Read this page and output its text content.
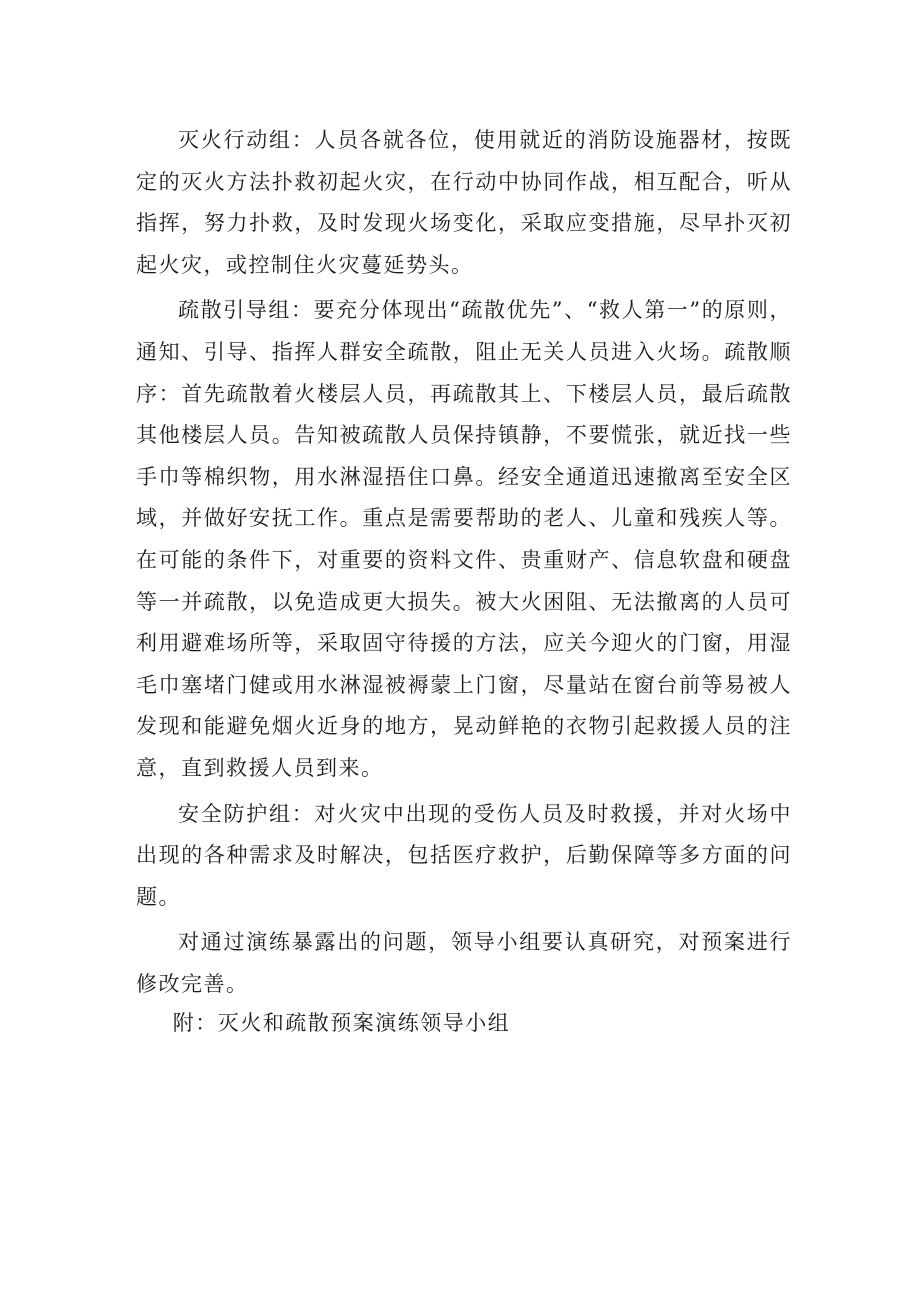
灭火行动组：人员各就各位，使用就近的消防设施器材，按既定的灭火方法扑救初起火灾，在行动中协同作战，相互配合，听从指挥，努力扑救，及时发现火场变化，采取应变措施，尽早扑灭初起火灾，或控制住火灾蔓延势头。

疏散引导组：要充分体现出“疏散优先”、“救人第一”的原则，通知、引导、指挥人群安全疏散，阻止无关人员进入火场。疏散顺序：首先疏散着火楼层人员，再疏散其上、下楼层人员，最后疏散其他楼层人员。告知被疏散人员保持镇静，不要慌张，就近找一些手巾等棉织物，用水淋湿捂住口鼻。经安全通道迅速撤离至安全区域，并做好安抚工作。重点是需要帮助的老人、儿童和残疾人等。在可能的条件下，对重要的资料文件、贵重财产、信息软盘和硬盘等一并疏散，以免造成更大损失。被大火困阻、无法撤离的人员可利用避难场所等，采取固守待援的方法，应关今迎火的门窗，用湿毛巾塞堵门健或用水淋湿被褥蒙上门窗，尽量站在窗台前等易被人发现和能避免烟火近身的地方，晃动鲜艳的衣物引起救援人员的注意，直到救援人员到来。

安全防护组：对火灾中出现的受伤人员及时救援，并对火场中出现的各种需求及时解决，包括医疗救护，后勤保障等多方面的问题。

对通过演练暴露出的问题，领导小组要认真研究，对预案进行修改完善。

附：灭火和疏散预案演练领导小组
